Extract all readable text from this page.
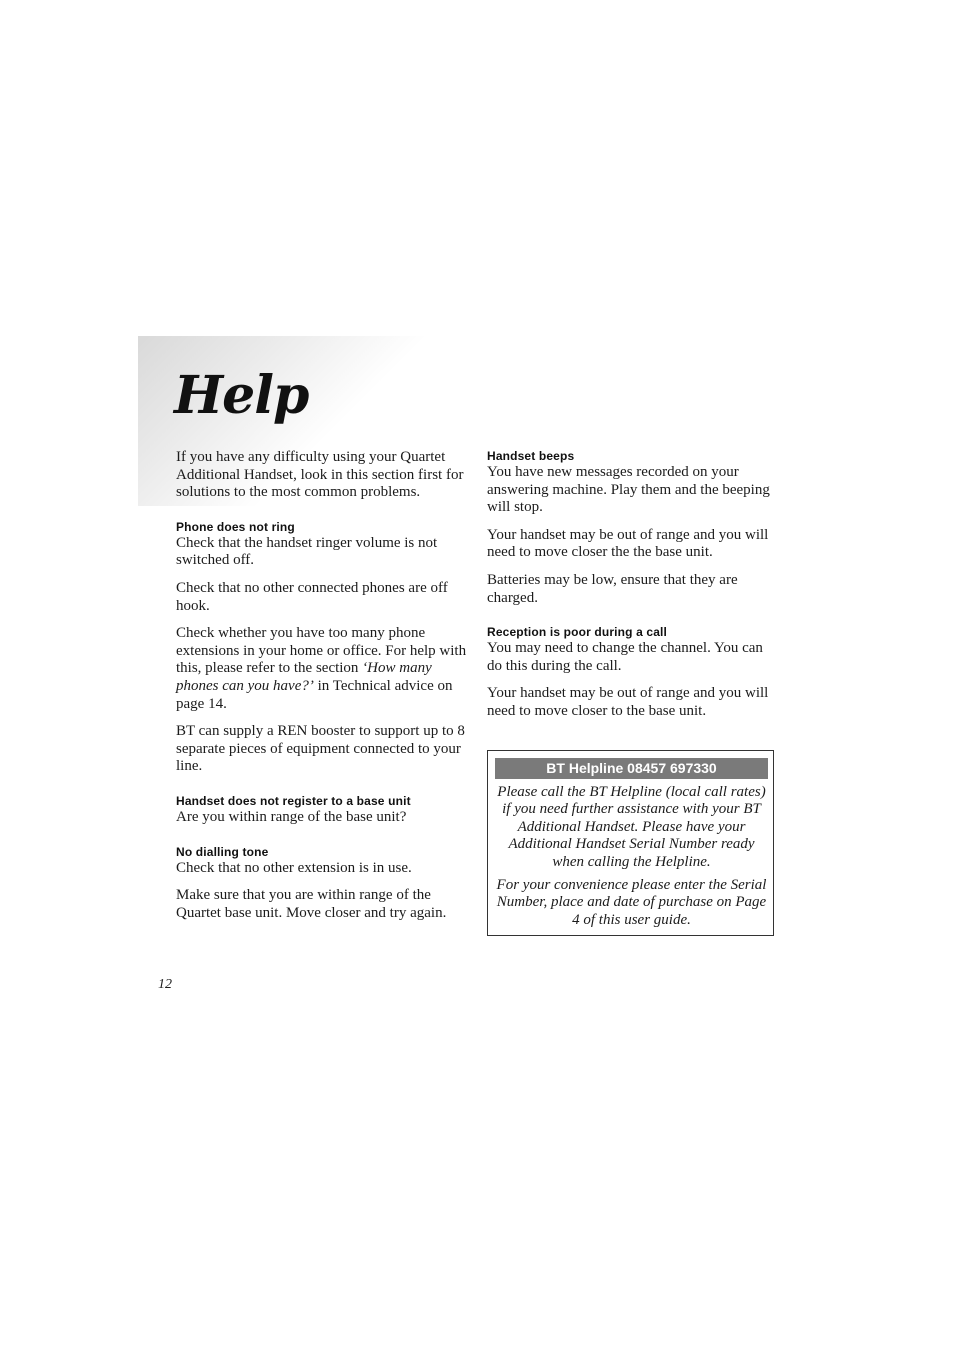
Help

If you have any difficulty using your Quartet Additional Handset, look in this section first for solutions to the most common problems.

Phone does not ring

Check that the handset ringer volume is not switched off.

Check that no other connected phones are off hook.

Check whether you have too many phone extensions in your home or office. For help with this, please refer to the section ‘How many phones can you have?’ in Technical advice on page 14.

BT can supply a REN booster to support up to 8 separate pieces of equipment connected to your line.

Handset does not register to a base unit

Are you within range of the base unit?

No dialling tone

Check that no other extension is in use.

Make sure that you are within range of the Quartet base unit. Move closer and try again.

Handset beeps

You have new messages recorded on your answering machine. Play them and the beeping will stop.

Your handset may be out of range and you will need to move closer the the base unit.

Batteries may be low, ensure that they are charged.

Reception is poor during a call

You may need to change the channel. You can do this during the call.

Your handset may be out of range and you will need to move closer to the base unit.

BT Helpline 08457 697330

Please call the BT Helpline (local call rates) if you need further assistance with your BT Additional Handset. Please have your Additional Handset Serial Number ready when calling the Helpline.

For your convenience please enter the Serial Number, place and date of purchase on Page 4 of this user guide.

12
